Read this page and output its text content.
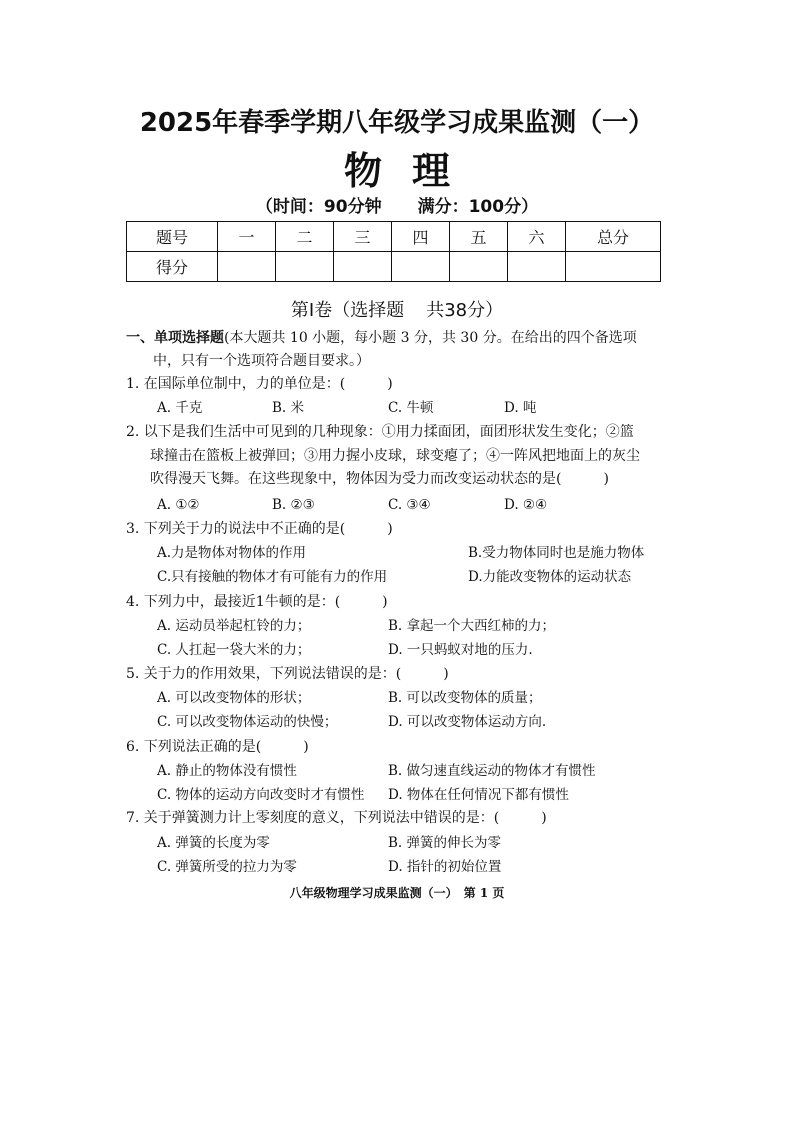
2025年春季学期八年级学习成果监测（一）
物理
（时间：90分钟 满分：100分）
题号	一	二	三	四	五	六	总分
得分							
第Ⅰ卷（选择题 共38分）
一、单项选择题(本大题共 10 小题，每小题 3 分，共 30 分。在给出的四个备选项
中，只有一个选项符合题目要求。）
1. 在国际单位制中，力的单位是：(　　　)
A. 千克	B. 米	C. 牛顿	D. 吨
2. 以下是我们生活中可见到的几种现象：①用力揉面团，面团形状发生变化；②篮
球撞击在篮板上被弹回；③用力握小皮球，球变瘪了；④一阵风把地面上的灰尘
吹得漫天飞舞。在这些现象中，物体因为受力而改变运动状态的是(　　　)
A. ①②	B. ②③	C. ③④	D. ②④
3. 下列关于力的说法中不正确的是(　　　)
A.力是物体对物体的作用	B.受力物体同时也是施力物体
C.只有接触的物体才有可能有力的作用	D.力能改变物体的运动状态
4. 下列力中，最接近1牛顿的是：(　　　)
A. 运动员举起杠铃的力；	B. 拿起一个大西红柿的力；
C. 人扛起一袋大米的力；	D. 一只蚂蚁对地的压力.
5. 关于力的作用效果，下列说法错误的是：(　　　)
A. 可以改变物体的形状；	B. 可以改变物体的质量；
C. 可以改变物体运动的快慢；	D. 可以改变物体运动方向.
6. 下列说法正确的是(　　　)
A. 静止的物体没有惯性	B. 做匀速直线运动的物体才有惯性
C. 物体的运动方向改变时才有惯性 D. 物体在任何情况下都有惯性
7. 关于弹簧测力计上零刻度的意义，下列说法中错误的是：(　　　)
A. 弹簧的长度为零	B. 弹簧的伸长为零
C. 弹簧所受的拉力为零	D. 指针的初始位置
八年级物理学习成果监测（一）　第 1 页
